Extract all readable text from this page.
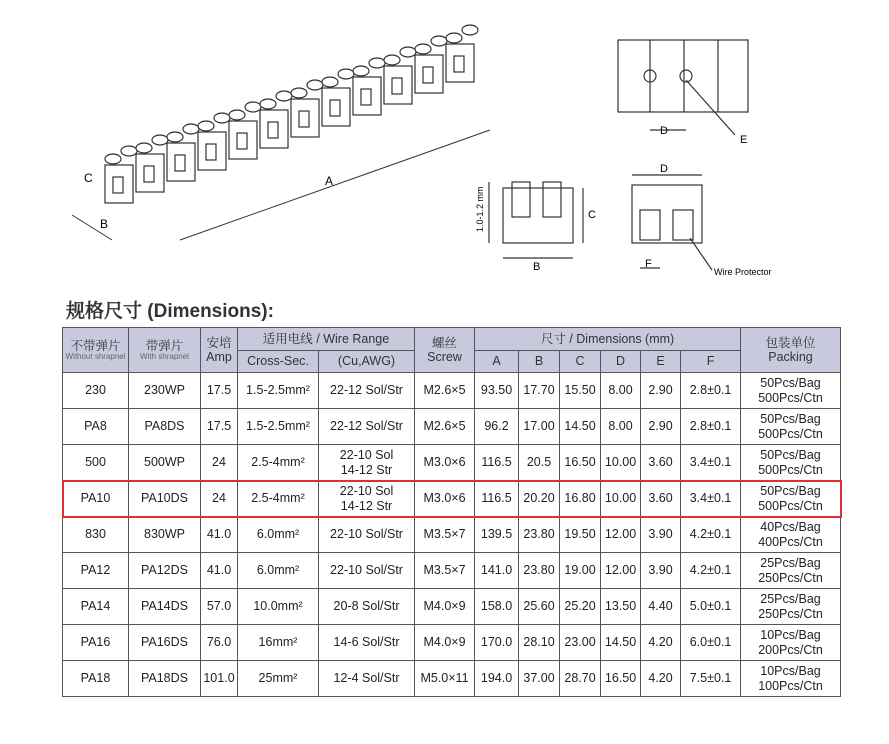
C
B
A
D
E
B
C
D
F
Wire Protector
1.0-1.2 mm
规格尺寸 (Dimensions):
不带弹片
Without shrapnel	带弹片
With shrapnel	安培
Amp	适用电线 / Wire Range		螺丝
Screw	尺寸 / Dimensions (mm)						包装单位
Packing
			Cross-Sec.	(Cu,AWG)		A	B	C	D	E	F	
230	230WP	17.5	1.5-2.5mm²	22-12 Sol/Str	M2.6×5	93.50	17.70	15.50	8.00	2.90	2.8±0.1	50Pcs/Bag
500Pcs/Ctn
PA8	PA8DS	17.5	1.5-2.5mm²	22-12 Sol/Str	M2.6×5	96.2	17.00	14.50	8.00	2.90	2.8±0.1	50Pcs/Bag
500Pcs/Ctn
500	500WP	24	2.5-4mm²	22-10 Sol
14-12 Str	M3.0×6	116.5	20.5	16.50	10.00	3.60	3.4±0.1	50Pcs/Bag
500Pcs/Ctn
PA10	PA10DS	24	2.5-4mm²	22-10 Sol
14-12 Str	M3.0×6	116.5	20.20	16.80	10.00	3.60	3.4±0.1	50Pcs/Bag
500Pcs/Ctn
830	830WP	41.0	6.0mm²	22-10 Sol/Str	M3.5×7	139.5	23.80	19.50	12.00	3.90	4.2±0.1	40Pcs/Bag
400Pcs/Ctn
PA12	PA12DS	41.0	6.0mm²	22-10 Sol/Str	M3.5×7	141.0	23.80	19.00	12.00	3.90	4.2±0.1	25Pcs/Bag
250Pcs/Ctn
PA14	PA14DS	57.0	10.0mm²	20-8 Sol/Str	M4.0×9	158.0	25.60	25.20	13.50	4.40	5.0±0.1	25Pcs/Bag
250Pcs/Ctn
PA16	PA16DS	76.0	16mm²	14-6 Sol/Str	M4.0×9	170.0	28.10	23.00	14.50	4.20	6.0±0.1	10Pcs/Bag
200Pcs/Ctn
PA18	PA18DS	101.0	25mm²	12-4 Sol/Str	M5.0×11	194.0	37.00	28.70	16.50	4.20	7.5±0.1	10Pcs/Bag
100Pcs/Ctn
